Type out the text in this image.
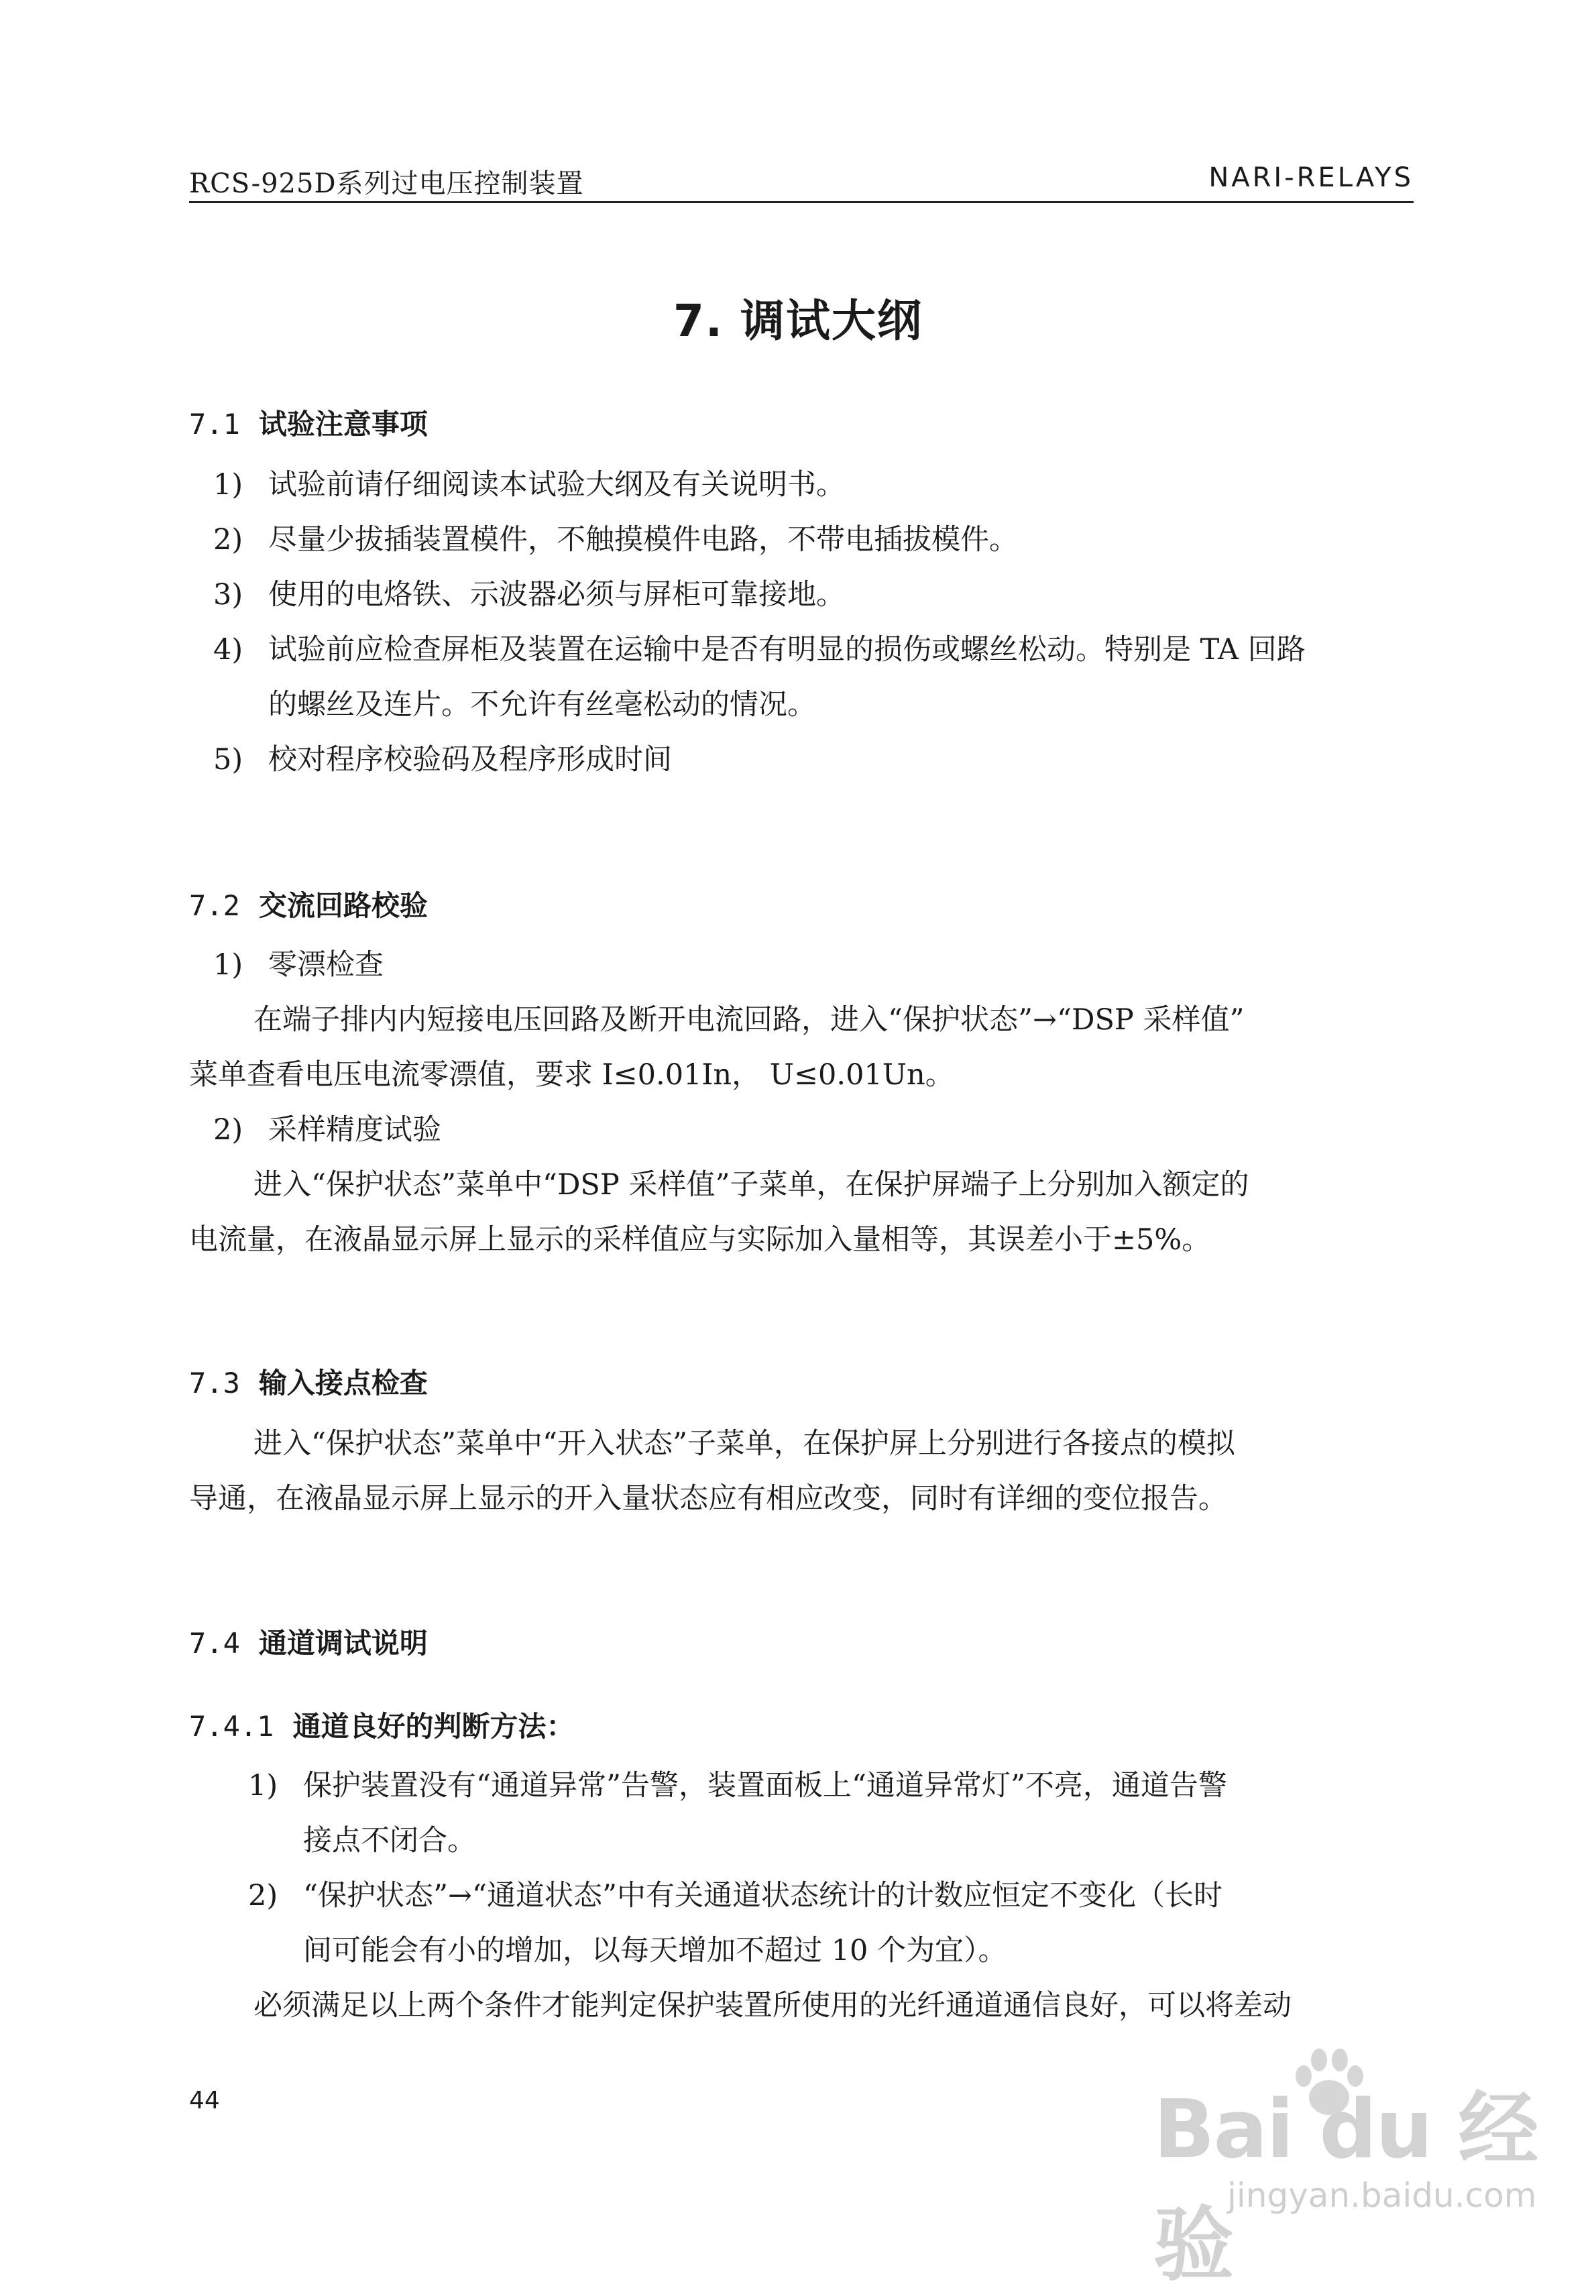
RCS-925D系列过电压控制装置	NARI-RELAYS
7. 调试大纲
7.1 试验注意事项
1) 试验前请仔细阅读本试验大纲及有关说明书。
2) 尽量少拔插装置模件，不触摸模件电路，不带电插拔模件。
3) 使用的电烙铁、示波器必须与屏柜可靠接地。
4) 试验前应检查屏柜及装置在运输中是否有明显的损伤或螺丝松动。特别是 TA 回路
的螺丝及连片。不允许有丝毫松动的情况。
5) 校对程序校验码及程序形成时间
7.2 交流回路校验
1) 零漂检查
在端子排内内短接电压回路及断开电流回路，进入“保护状态”→“DSP 采样值”
菜单查看电压电流零漂值，要求 I≤0.01In， U≤0.01Un。
2) 采样精度试验
进入“保护状态”菜单中“DSP 采样值”子菜单，在保护屏端子上分别加入额定的
电流量，在液晶显示屏上显示的采样值应与实际加入量相等，其误差小于±5%。
7.3 输入接点检查
进入“保护状态”菜单中“开入状态”子菜单，在保护屏上分别进行各接点的模拟
导通，在液晶显示屏上显示的开入量状态应有相应改变，同时有详细的变位报告。
7.4 通道调试说明
7.4.1 通道良好的判断方法：
1) 保护装置没有“通道异常”告警，装置面板上“通道异常灯”不亮，通道告警
接点不闭合。
2) “保护状态”→“通道状态”中有关通道状态统计的计数应恒定不变化（长时
间可能会有小的增加，以每天增加不超过 10 个为宜）。
必须满足以上两个条件才能判定保护装置所使用的光纤通道通信良好，可以将差动
44	Bai du 经验
jingyan.baidu.com
